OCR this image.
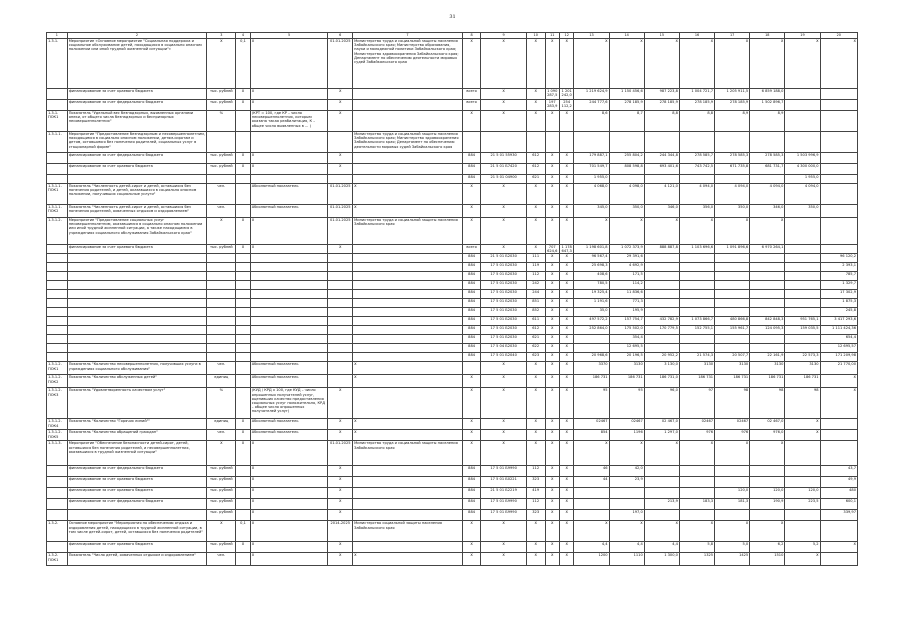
31
1	2	3	4	5	6	7	8	9	10	11	12	13	14	15	16	17	18	19	20
1.3.1.	Мероприятие «Основное мероприятие "Социальная поддержка и социальное обслуживание детей, находящихся в социально опасном положении или иной трудной жизненной ситуации"»	Х	0,1	Х	01.01.2025	Министерство труда и социальной защиты населения Забайкальского края; Министерство образования, науки и молодежной политики Забайкальского края; Министерство здравоохранения Забайкальского края; Департамент по обеспечению деятельности мировых судей Забайкальского края	Х	Х	Х	Х	Х	Х	Х	Х	Х	Х	Х	Х	Х
	финансирование за счет краевого бюджета	тыс. рублей	Х	Х	Х		всего	Х	Х	1 090 287,5	1 201 242,0	1 219 624,9	1 150 456,6	987 223,8	1 004 721,7	1 205 911,5	6 859 188,0		
	финансирование за счет федерального бюджета	тыс. рублей	Х	Х	Х		всего	Х	Х	197 283,9	254 112,2	244 777,6	278 185,9	278 185,9	278 185,9	278 185,9	1 502 896,7		
1.3.1. ПОК1	Показатель "Удельный вес безнадзорных, выявленных органами опеки, от общего числа безнадзорных и беспризорных несовершеннолетних"	%		(КРТ = 100, где КР – число несовершеннолетних, которым оказана такая реабилитация, К – общее число выявленных в ... )	Х		Х	Х	Х	Х	Х	8,6	8,7	8,8	8,8	8,9	8,9		
1.3.1.1.	Мероприятие "Предоставление безнадзорным и несовершеннолетним, находящимся в социально опасном положении, детям-сиротам и детям, оставшимся без попечения родителей, социальных услуг в стационарной форме"					Министерство труда и социальной защиты населения Забайкальского края; Министерство здравоохранения Забайкальского края; Департамент по обеспечению деятельности мировых судей Забайкальского края													
	финансирование за счет федерального бюджета	тыс. рублей	Х	Х	Х		884	21 5 01 55930	612	Х	Х	179 887,1	255 804,2	244 344,8	278 585,7	278 585,3	278 585,3	1 503 996,9	
	финансирование за счет краевого бюджета	тыс. рублей	Х	Х	Х		884	21 5 01 Б7420	612	Х	Х	701 549,7	808 598,8	693 401,6	743 742,5	671 735,8	681 731,7	4 300 000,0	
							884	21 5 01 04900	621	Х	Х	1 955,0						1 955,0	
1.3.1.1. ПОК1	Показатель "Численность детей-сирот и детей, оставшихся без попечения родителей, и детей, оказавшихся в социально опасном положении, получивших социальные услуги"	чел.		Абсолютный показатель	01.01.2025	Х	Х	Х	Х	Х	Х	4 068,0	4 098,0	4 121,0	4 094,0	4 094,0	4 094,0	4 094,0	
1.3.1.1. ПОК2	Показатель "Численность детей-сирот и детей, оставшихся без попечения родителей, охваченных отдыхом и оздоровлением"	чел.		Абсолютный показатель	01.01.2025	Х	Х	Х	Х	Х	Х	345,0	350,0	346,0	356,0	350,0	346,0	350,0	
1.3.1.2.	Мероприятие "Предоставление социальных услуг несовершеннолетним, оказавшимся в социально опасном положении или иной трудной жизненной ситуации, а также находящимся в учреждениях социального обслуживания Забайкальского края"	Х	Х	Х	01.01.2025	Министерство труда и социальной защиты населения Забайкальского края	Х	Х	Х	Х	Х	Х	Х	Х	Х	Х	Х		
	финансирование за счет краевого бюджета	тыс. рублей	Х	Х	Х		всего	Х	Х	707 624,6	1 178 647,3	1 198 601,8	1 072 373,9	888 887,8	1 103 696,6	1 091 896,6	6 970 264,1		
							884	21 5 01 Б2030	111	Х	Х	96 567,4	29 391,6						96 120,2
							884	17 5 01 Б2030	119	Х	Х	25 698,3	4 692,9						2 393,1
							884	17 5 01 Б2030	112	Х	Х	408,6	171,5						785,7
							884	17 5 01 Б2030	242	Х	Х	780,5	114,2						1 329,7
							884	17 5 01 Б2030	244	Х	Х	19 325,4	11 836,6						17 302,9
							884	17 5 01 Б2030	851	Х	Х	1 191,6	771,3						1 875,3
							884	17 5 01 Б2030	852	Х	Х	35,0	195,9						245,8
							884	17 5 01 Б2030	611	Х	Х	497 572,2	157 754,7	432 782,9	1 073 866,7	480 866,8	842 848,3	951 765,1	3 417 293,6
							884	17 5 01 Б2030	612	Х	Х	252 864,0	175 502,0	170 779,5	152 755,1	155 961,7	124 095,3	159 035,5	1 111 424,36
							884	17 5 01 Б2030	621	Х	Х		354,4						654,4
							884	17 5 04 Б2030	622	Х	Х		12 695,5						12 695,57
							884	17 5 01 Б2040	623	Х	Х	20 968,6	20 196,5	20 952,2	21 574,3	20 507,7	22 161,9	22 573,3	171 209,98
1.3.1.2. ПОК1	Показатель "Количество несовершеннолетних, получивших услуги в учреждениях социального обслуживания"	чел.		Абсолютный показатель		Х		Х	Х	Х	Х	3370	3130	3 130,0	3130	3130	3130	3130	21 770,00
1.3.1.2. ПОК2	Показатель "Количество обслуженных детей"	единиц		Абсолютный показатель		Х	Х	Х	Х	Х	Х	186 731	186 731	186 731,0	186 731	186 731	186 731	186 731	Х
1.3.1.2. ПОК3	Показатель "Удовлетворенность качеством услуг"	%		(КУД / КРД х 100, где КУД – число опрошенных получателей услуг, оценивших качество предоставления социальных услуг положительно, КРД – общее число опрошенных получателей услуг)	Х		Х	Х	Х	Х	Х	95	95	96,0	97	98	98	98	Х
1.3.1.2. ПОК4	Показатель "Количество "Горячих линий""	единиц	Х	Абсолютный показатель	Х	Х	Х	Х	Х	Х	Х	02467	02467	02 467,0	02467	02467	02 467,0	Х	
1.3.1.2. ПОК5	Показатель "Количество обращений граждан"	чел.	Х	Абсолютный показатель	Х	Х	Х	Х	Х	Х	Х	854	1196	1 297,0	976	976	976,0	Х	
1.3.1.3.	Мероприятие "Обеспечение безопасности детей-сирот, детей, оставшихся без попечения родителей, и несовершеннолетних, оказавшихся в трудной жизненной ситуации"	Х	Х	Х	01.01.2025	Министерство труда и социальной защиты населения Забайкальского края	Х	Х	Х	Х	Х	Х	Х	Х	Х	Х	Х		
	финансирование за счет федерального бюджета	тыс. рублей		Х	Х		884	17 5 01 Б9990	112	Х	Х	46	42,0						43,7
	финансирование за счет краевого бюджета	тыс. рублей		Х	Х		884	17 5 01 Б0221	323	Х	Х	44	23,9						49,9
	финансирование за счет краевого бюджета	тыс. рублей		Х	Х		884	21 5 01 Б2219	419	Х	Х					120,0	120,0	120,0	480
	финансирование за счет федерального бюджета	тыс. рублей		Х	Х		884	17 5 01 Б9990	112	Х	Х			213,9	183,3	181,3	190,9	223,5	600,1
		тыс. рублей		Х	Х		884	17 5 01 Б9990	323	Х	Х		197,0						339,97
1.3.2.	Основное мероприятие "Мероприятия по обеспечению отдыха и оздоровления детей, находящихся в трудной жизненной ситуации, в том числе детей-сирот, детей, оставшихся без попечения родителей"	Х	0,1	Х	2014-2025	Министерство социальной защиты населения Забайкальского края	Х	Х	Х	Х	Х	Х	Х	Х	Х	Х	Х		
	финансирование за счет краевого бюджета	тыс. рублей	Х	Х	Х		Х	Х	Х	Х	Х	4,4	4,4	4,4	5,8	5,0	6,2	5,2	Х
1.3.2. ПОК1	Показатель "Число детей, охваченных отдыхом и оздоровлением"	чел.		Х	Х	Х	Х	Х	Х	Х	Х	1200	1110	1 300,0	1325	1425	1510	Х	
